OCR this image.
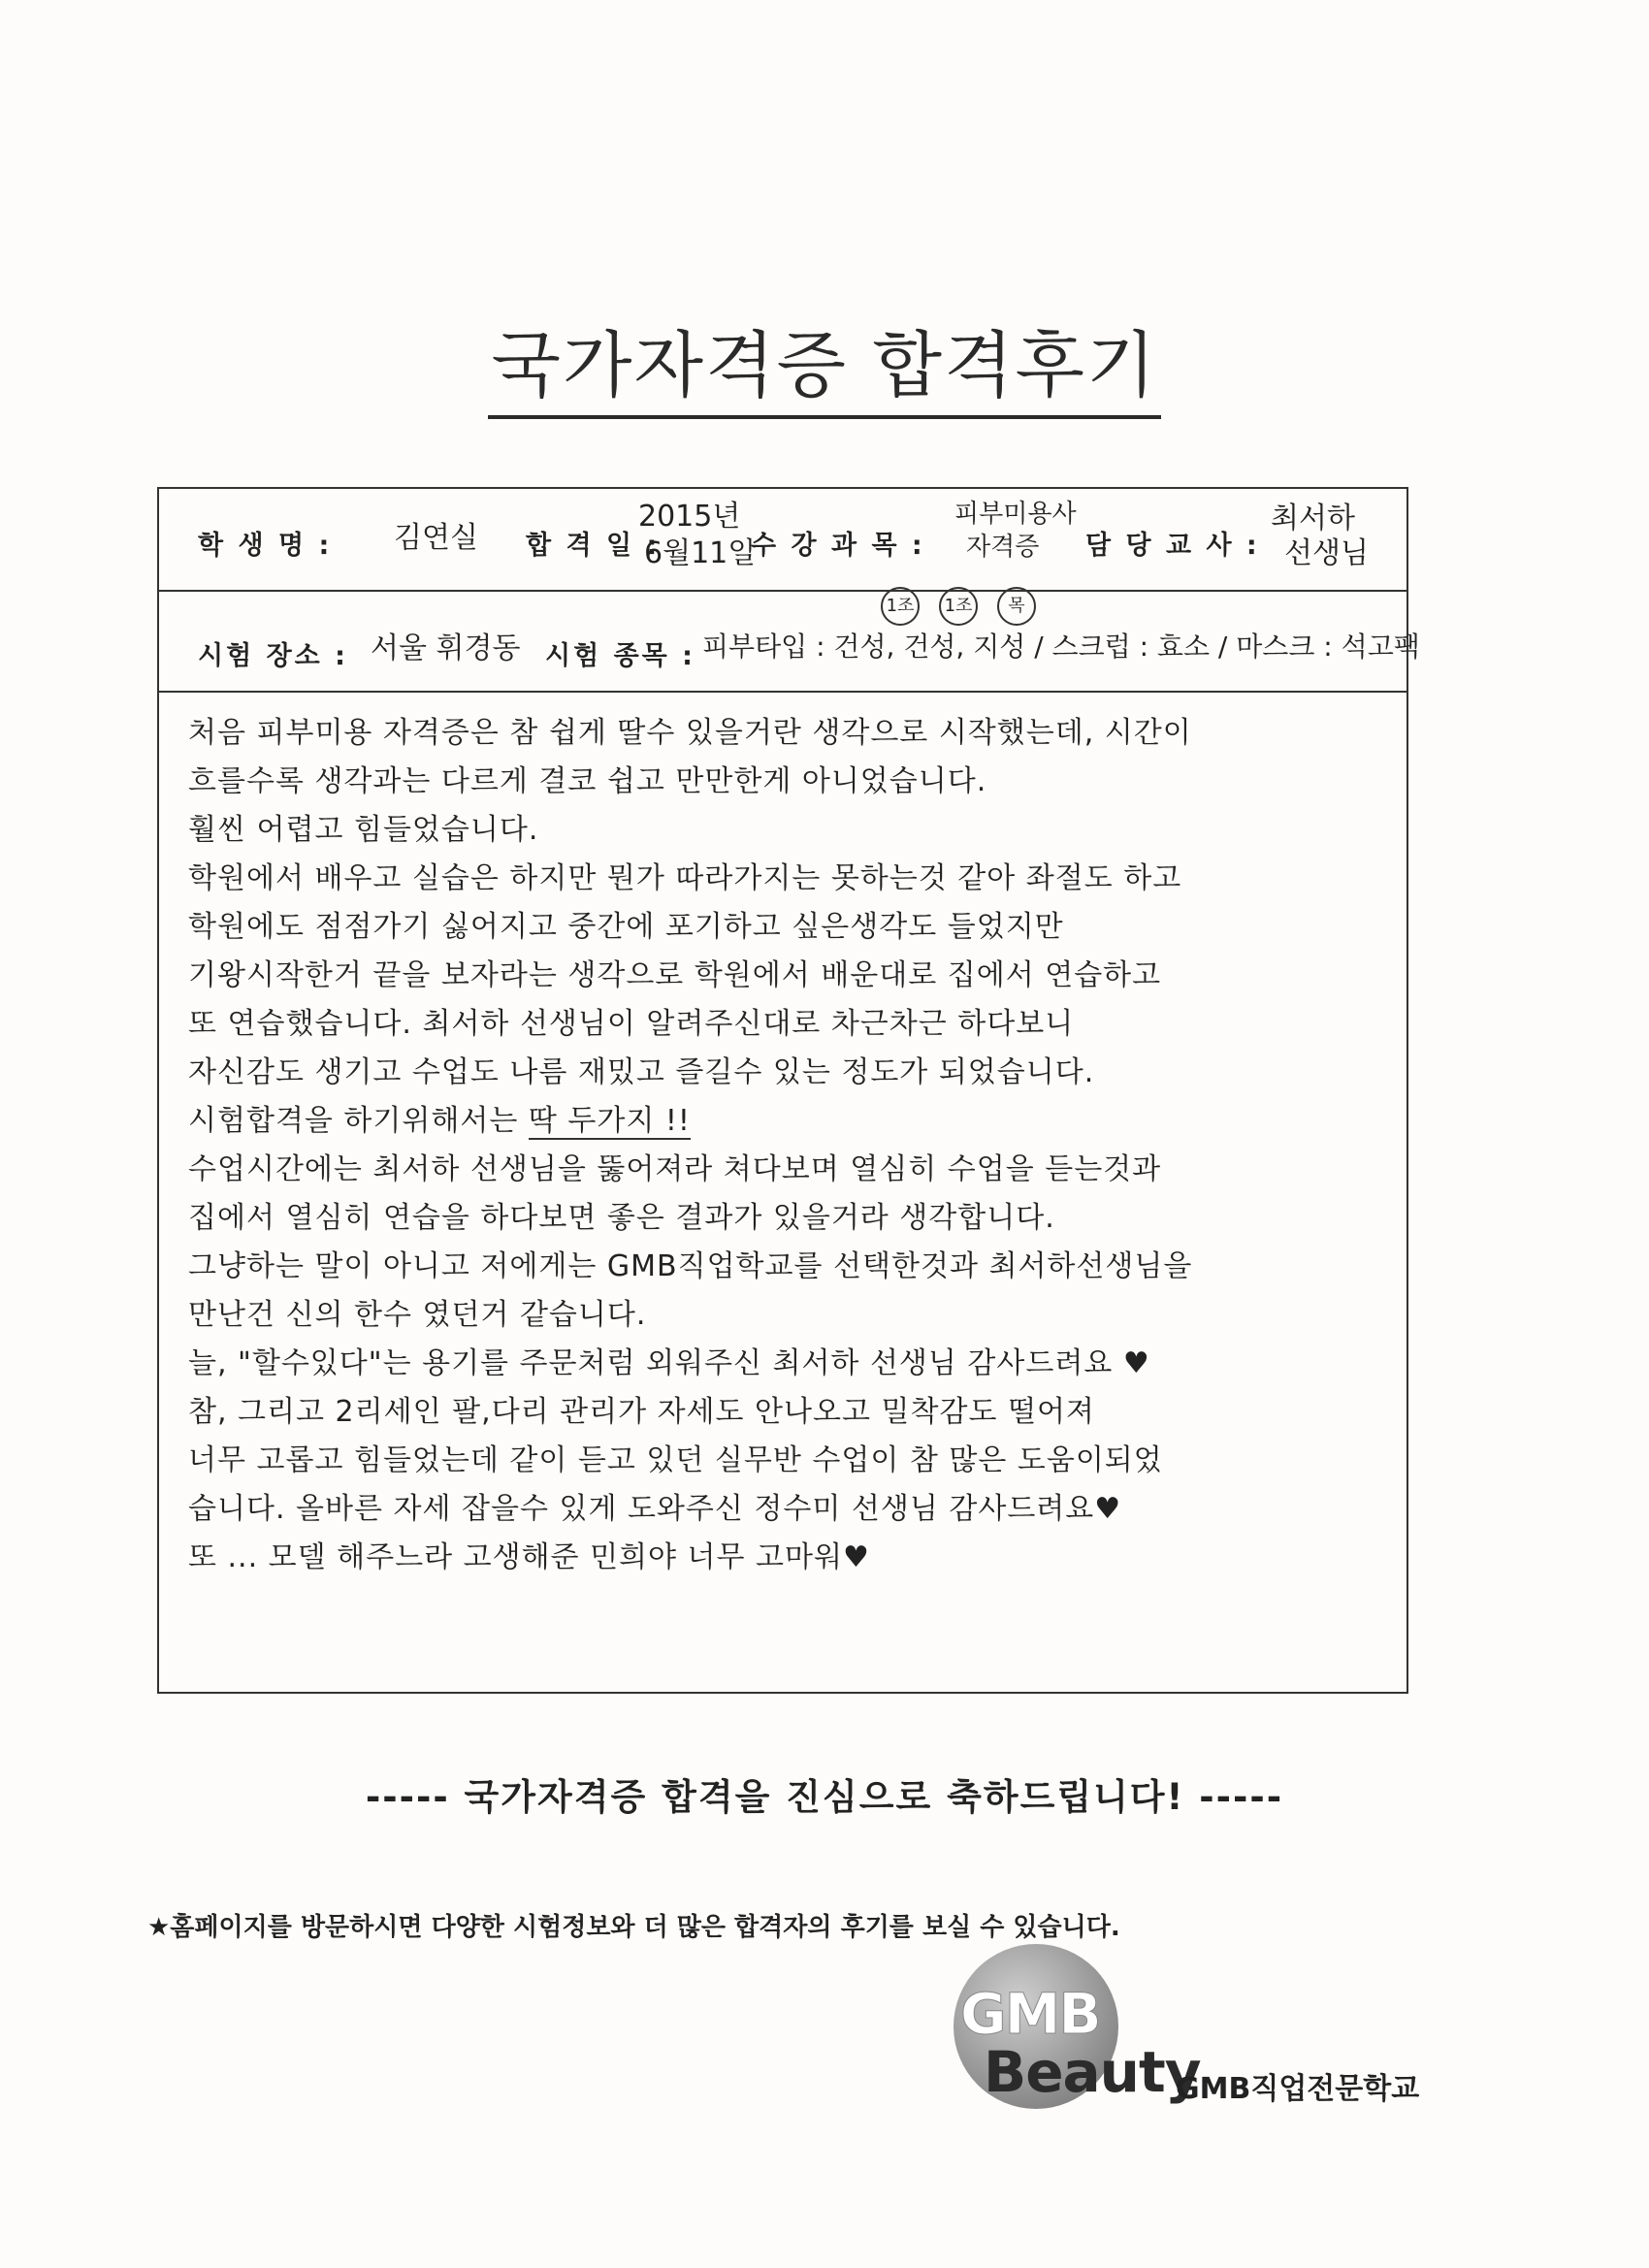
국가자격증 합격후기
학 생 명 : 김연실 합 격 일 :
2015년
6월11일
수 강 과 목 :
피부미용사
자격증 담 당 교 사 :
최서하
선생님
시험 장소 : 서울 휘경동 시험 종목 :
1조 1조 목
피부타입 : 건성, 건성, 지성 / 스크럽 : 효소 / 마스크 : 석고팩
처음 피부미용 자격증은 참 쉽게 딸수 있을거란 생각으로 시작했는데, 시간이
흐를수록 생각과는 다르게 결코 쉽고 만만한게 아니었습니다.
훨씬 어렵고 힘들었습니다.
학원에서 배우고 실습은 하지만 뭔가 따라가지는 못하는것 같아 좌절도 하고
학원에도 점점가기 싫어지고 중간에 포기하고 싶은생각도 들었지만
기왕시작한거 끝을 보자라는 생각으로 학원에서 배운대로 집에서 연습하고
또 연습했습니다. 최서하 선생님이 알려주신대로 차근차근 하다보니
자신감도 생기고 수업도 나름 재밌고 즐길수 있는 정도가 되었습니다.
시험합격을 하기위해서는 딱 두가지 !!
수업시간에는 최서하 선생님을 뚫어져라 쳐다보며 열심히 수업을 듣는것과
집에서 열심히 연습을 하다보면 좋은 결과가 있을거라 생각합니다.
그냥하는 말이 아니고 저에게는 GMB직업학교를 선택한것과 최서하선생님을
만난건 신의 한수 였던거 같습니다.
늘, "할수있다"는 용기를 주문처럼 외워주신 최서하 선생님 감사드려요 ♥
참, 그리고 2리세인 팔,다리 관리가 자세도 안나오고 밀착감도 떨어져
너무 고롭고 힘들었는데 같이 듣고 있던 실무반 수업이 참 많은 도움이되었
습니다. 올바른 자세 잡을수 있게 도와주신 정수미 선생님 감사드려요♥
또 ... 모델 해주느라 고생해준 민희야 너무 고마워♥
----- 국가자격증 합격을 진심으로 축하드립니다! -----
★홈페이지를 방문하시면 다양한 시험정보와 더 많은 합격자의 후기를 보실 수 있습니다.
GMB
Beauty
GMB직업전문학교
